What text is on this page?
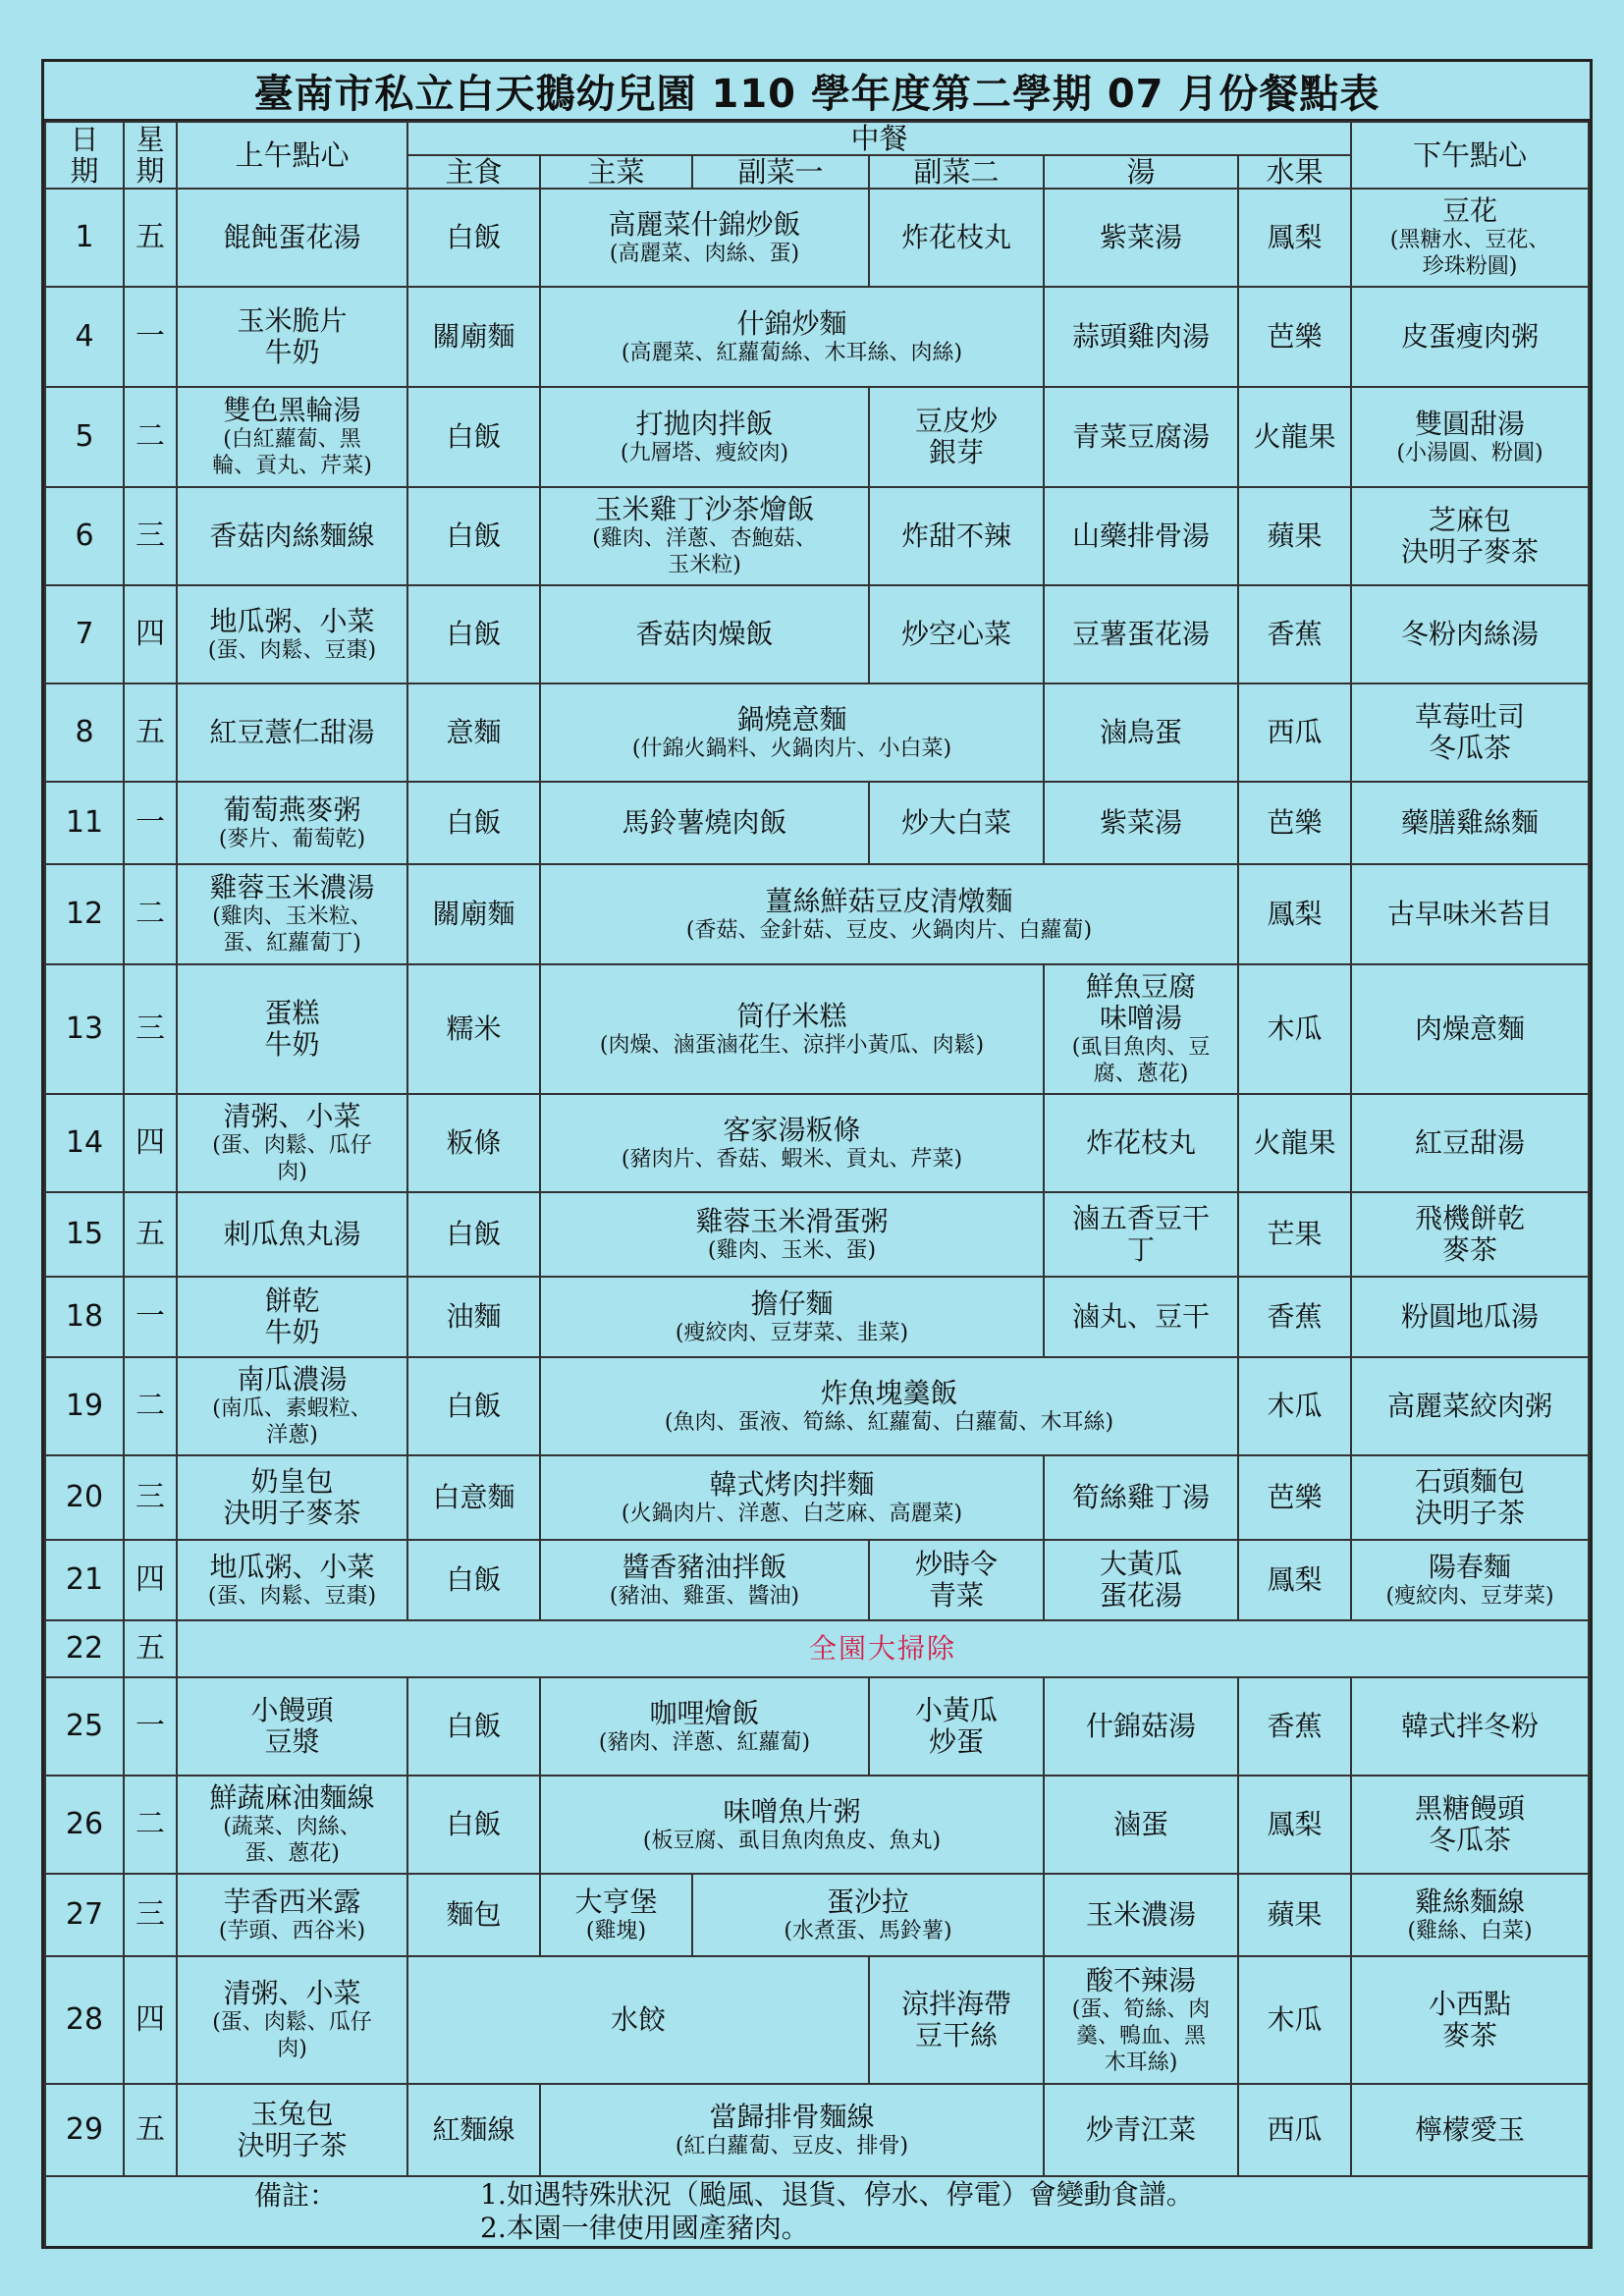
臺南市私立白天鵝幼兒園 110 學年度第二學期 07 月份餐點表
日
期	星
期	上午點心	中餐						下午點心
			主食	主菜	副菜一	副菜二	湯	水果	
1	五	餛飩蛋花湯	白飯	高麗菜什錦炒飯
(高麗菜、肉絲、蛋)		炸花枝丸	紫菜湯	鳳梨	豆花
(黑糖水、豆花、
珍珠粉圓)

4	一	玉米脆片
牛奶	關廟麵	什錦炒麵
(高麗菜、紅蘿蔔絲、木耳絲、肉絲)			蒜頭雞肉湯	芭樂	皮蛋瘦肉粥

5	二	雙色黑輪湯
(白紅蘿蔔、黑
輪、貢丸、芹菜)	白飯	打拋肉拌飯
(九層塔、瘦絞肉)		豆皮炒
銀芽	青菜豆腐湯	火龍果	雙圓甜湯
(小湯圓、粉圓)

6	三	香菇肉絲麵線	白飯	玉米雞丁沙茶燴飯
(雞肉、洋蔥、杏鮑菇、
玉米粒)		炸甜不辣	山藥排骨湯	蘋果	芝麻包
決明子麥茶

7	四	地瓜粥、小菜
(蛋、肉鬆、豆棗)	白飯	香菇肉燥飯		炒空心菜	豆薯蛋花湯	香蕉	冬粉肉絲湯

8	五	紅豆薏仁甜湯	意麵	鍋燒意麵
(什錦火鍋料、火鍋肉片、小白菜)			滷鳥蛋	西瓜	草莓吐司
冬瓜茶

11	一	葡萄燕麥粥
(麥片、葡萄乾)	白飯	馬鈴薯燒肉飯		炒大白菜	紫菜湯	芭樂	藥膳雞絲麵

12	二	雞蓉玉米濃湯
(雞肉、玉米粒、
蛋、紅蘿蔔丁)	關廟麵	薑絲鮮菇豆皮清燉麵
(香菇、金針菇、豆皮、火鍋肉片、白蘿蔔)				鳳梨	古早味米苔目

13	三	蛋糕
牛奶	糯米	筒仔米糕
(肉燥、滷蛋滷花生、涼拌小黃瓜、肉鬆)			鮮魚豆腐
味噌湯
(虱目魚肉、豆
腐、蔥花)	木瓜	肉燥意麵

14	四	清粥、小菜
(蛋、肉鬆、瓜仔
肉)	粄條	客家湯粄條
(豬肉片、香菇、蝦米、貢丸、芹菜)			炸花枝丸	火龍果	紅豆甜湯

15	五	刺瓜魚丸湯	白飯	雞蓉玉米滑蛋粥
(雞肉、玉米、蛋)			滷五香豆干
丁	芒果	飛機餅乾
麥茶

18	一	餅乾
牛奶	油麵	擔仔麵
(瘦絞肉、豆芽菜、韭菜)			滷丸、豆干	香蕉	粉圓地瓜湯

19	二	南瓜濃湯
(南瓜、素蝦粒、
洋蔥)	白飯	炸魚塊羹飯
(魚肉、蛋液、筍絲、紅蘿蔔、白蘿蔔、木耳絲)				木瓜	高麗菜絞肉粥

20	三	奶皇包
決明子麥茶	白意麵	韓式烤肉拌麵
(火鍋肉片、洋蔥、白芝麻、高麗菜)			筍絲雞丁湯	芭樂	石頭麵包
決明子茶

21	四	地瓜粥、小菜
(蛋、肉鬆、豆棗)	白飯	醬香豬油拌飯
(豬油、雞蛋、醬油)		炒時令
青菜	大黃瓜
蛋花湯	鳳梨	陽春麵
(瘦絞肉、豆芽菜)

22	五	全園大掃除							
25	一	小饅頭
豆漿	白飯	咖哩燴飯
(豬肉、洋蔥、紅蘿蔔)		小黃瓜
炒蛋	什錦菇湯	香蕉	韓式拌冬粉

26	二	鮮蔬麻油麵線
(蔬菜、肉絲、
蛋、蔥花)	白飯	味噌魚片粥
(板豆腐、虱目魚肉魚皮、魚丸)			滷蛋	鳳梨	黑糖饅頭
冬瓜茶

27	三	芋香西米露
(芋頭、西谷米)	麵包	大亨堡
(雞塊)	蛋沙拉
(水煮蛋、馬鈴薯)		玉米濃湯	蘋果	雞絲麵線
(雞絲、白菜)

28	四	清粥、小菜
(蛋、肉鬆、瓜仔
肉)	水餃			涼拌海帶
豆干絲	酸不辣湯
(蛋、筍絲、肉
羹、鴨血、黑
木耳絲)	木瓜	小西點
麥茶

29	五	玉兔包
決明子茶	紅麵線	當歸排骨麵線
(紅白蘿蔔、豆皮、排骨)			炒青江菜	西瓜	檸檬愛玉

備註： 1.如遇特殊狀況（颱風、退貨、停水、停電）會變動食譜。
2.本園一律使用國產豬肉。									
